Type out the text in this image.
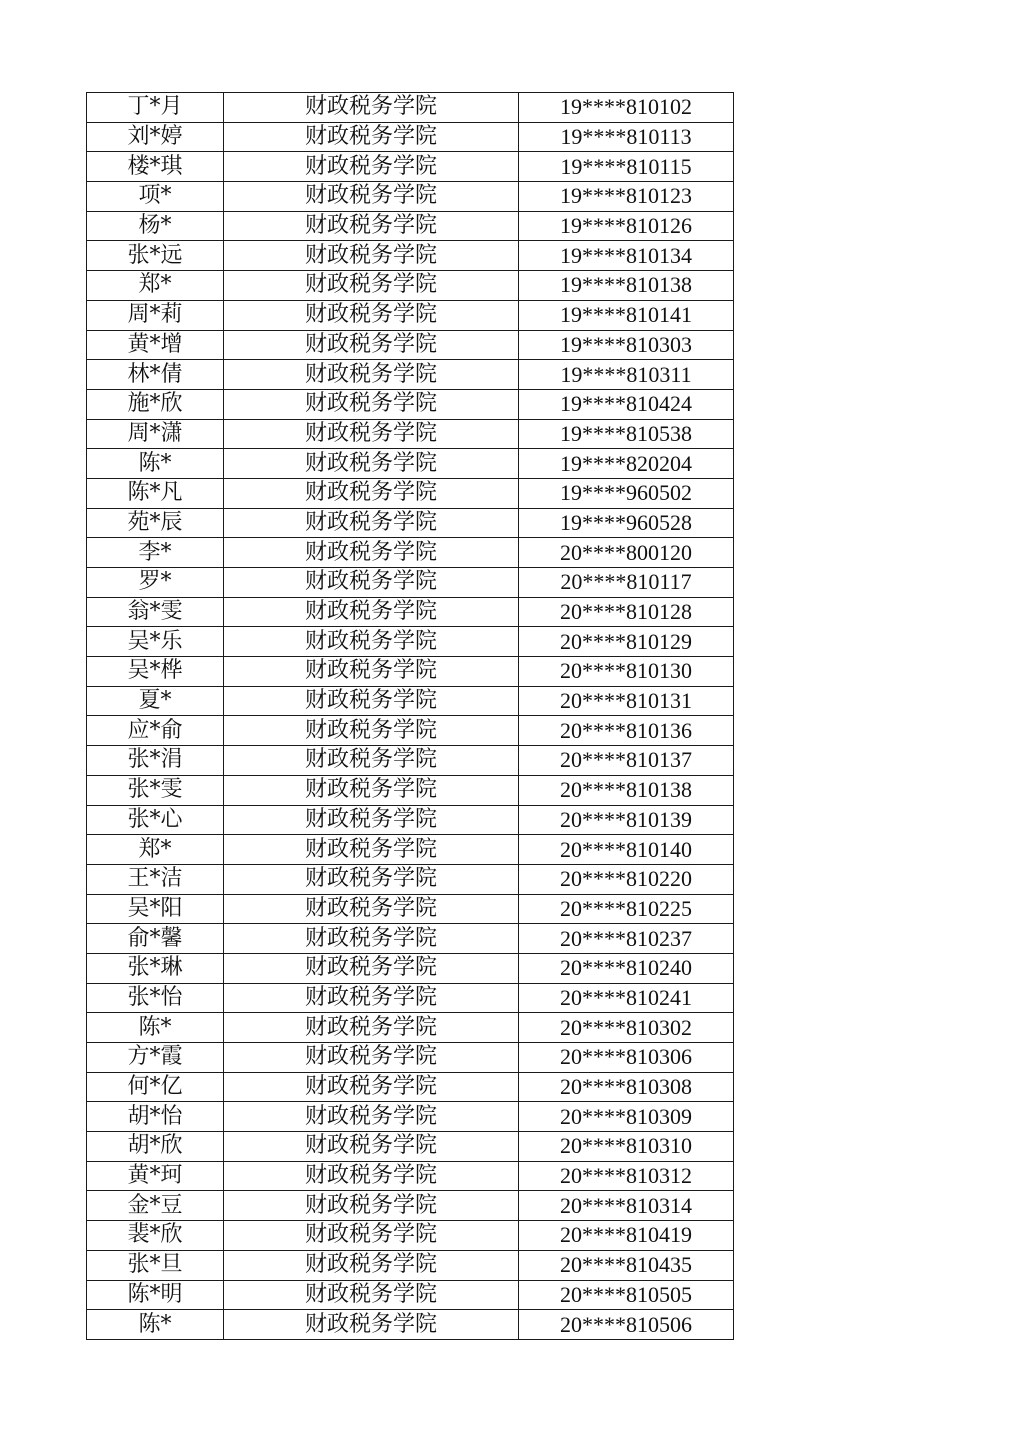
丁*月	财政税务学院	19****810102
刘*婷	财政税务学院	19****810113
楼*琪	财政税务学院	19****810115
项*	财政税务学院	19****810123
杨*	财政税务学院	19****810126
张*远	财政税务学院	19****810134
郑*	财政税务学院	19****810138
周*莉	财政税务学院	19****810141
黄*增	财政税务学院	19****810303
林*倩	财政税务学院	19****810311
施*欣	财政税务学院	19****810424
周*潇	财政税务学院	19****810538
陈*	财政税务学院	19****820204
陈*凡	财政税务学院	19****960502
苑*辰	财政税务学院	19****960528
李*	财政税务学院	20****800120
罗*	财政税务学院	20****810117
翁*雯	财政税务学院	20****810128
吴*乐	财政税务学院	20****810129
吴*桦	财政税务学院	20****810130
夏*	财政税务学院	20****810131
应*俞	财政税务学院	20****810136
张*涓	财政税务学院	20****810137
张*雯	财政税务学院	20****810138
张*心	财政税务学院	20****810139
郑*	财政税务学院	20****810140
王*洁	财政税务学院	20****810220
吴*阳	财政税务学院	20****810225
俞*馨	财政税务学院	20****810237
张*琳	财政税务学院	20****810240
张*怡	财政税务学院	20****810241
陈*	财政税务学院	20****810302
方*霞	财政税务学院	20****810306
何*亿	财政税务学院	20****810308
胡*怡	财政税务学院	20****810309
胡*欣	财政税务学院	20****810310
黄*珂	财政税务学院	20****810312
金*豆	财政税务学院	20****810314
裴*欣	财政税务学院	20****810419
张*旦	财政税务学院	20****810435
陈*明	财政税务学院	20****810505
陈*	财政税务学院	20****810506
